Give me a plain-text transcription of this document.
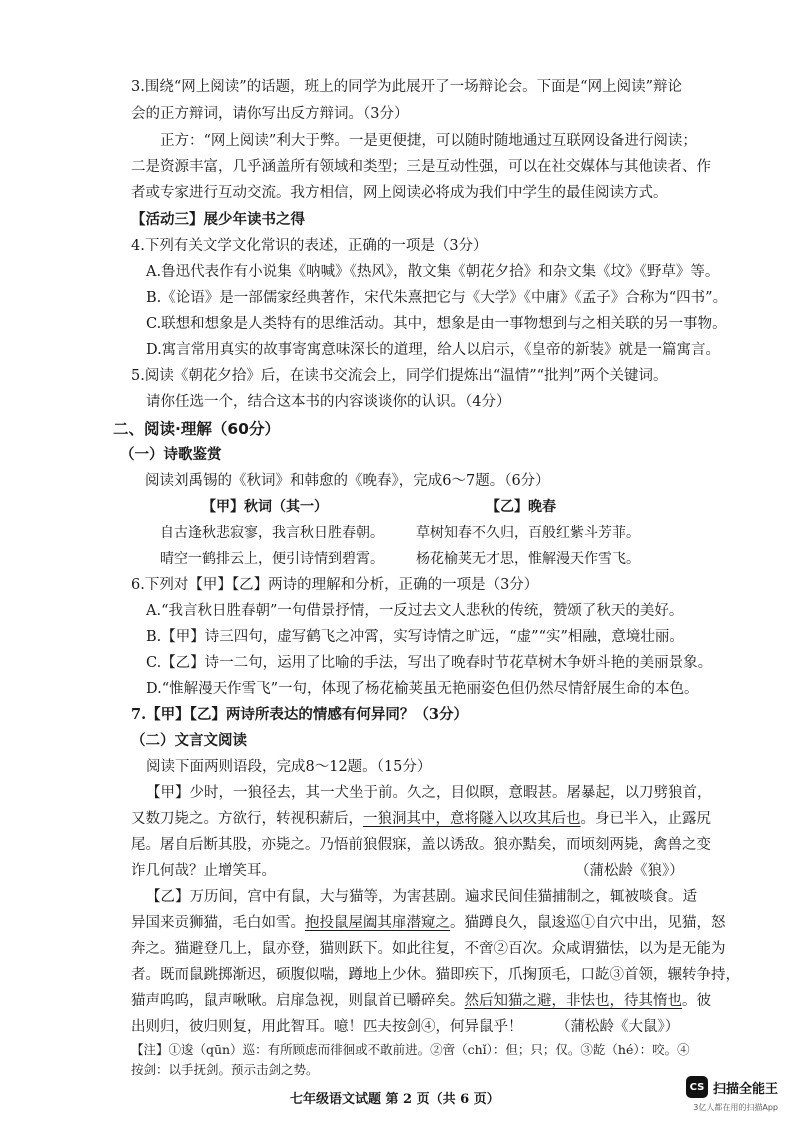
3.围绕“网上阅读”的话题，班上的同学为此展开了一场辩论会。下面是“网上阅读”辩论
会的正方辩词，请你写出反方辩词。（3分）
正方：“网上阅读”利大于弊。一是更便捷，可以随时随地通过互联网设备进行阅读；
二是资源丰富，几乎涵盖所有领域和类型；三是互动性强，可以在社交媒体与其他读者、作
者或专家进行互动交流。我方相信，网上阅读必将成为我们中学生的最佳阅读方式。
【活动三】展少年读书之得
4.下列有关文学文化常识的表述，正确的一项是（3分）
A.鲁迅代表作有小说集《呐喊》《热风》，散文集《朝花夕拾》和杂文集《坟》《野草》等。
B.《论语》是一部儒家经典著作，宋代朱熹把它与《大学》《中庸》《孟子》合称为“四书”。
C.联想和想象是人类特有的思维活动。其中，想象是由一事物想到与之相关联的另一事物。
D.寓言常用真实的故事寄寓意味深长的道理，给人以启示，《皇帝的新装》就是一篇寓言。
5.阅读《朝花夕拾》后，在读书交流会上，同学们提炼出“温情”“批判”两个关键词。
请你任选一个，结合这本书的内容谈谈你的认识。（4分）
二、阅读·理解（60分）
（一）诗歌鉴赏
阅读刘禹锡的《秋词》和韩愈的《晚春》，完成6～7题。（6分）
【甲】秋词（其一）	【乙】晚春
自古逢秋悲寂寥，我言秋日胜春朝。 草树知春不久归，百般红紫斗芳菲。
晴空一鹤排云上，便引诗情到碧霄。 杨花榆荚无才思，惟解漫天作雪飞。
6.下列对【甲】【乙】两诗的理解和分析，正确的一项是（3分）
A.“我言秋日胜春朝”一句借景抒情，一反过去文人悲秋的传统，赞颂了秋天的美好。
B.【甲】诗三四句，虚写鹤飞之冲霄，实写诗情之旷远，“虚”“实”相融，意境壮丽。
C.【乙】诗一二句，运用了比喻的手法，写出了晚春时节花草树木争妍斗艳的美丽景象。
D.“惟解漫天作雪飞”一句，体现了杨花榆荚虽无艳丽姿色但仍然尽情舒展生命的本色。
7.【甲】【乙】两诗所表达的情感有何异同？（3分）
（二）文言文阅读
阅读下面两则语段，完成8～12题。（15分）
【甲】少时，一狼径去，其一犬坐于前。久之，目似瞑，意暇甚。屠暴起，以刀劈狼首，
又数刀毙之。方欲行，转视积薪后，一狼洞其中，意将隧入以攻其后也。身已半入，止露尻
尾。屠自后断其股，亦毙之。乃悟前狼假寐，盖以诱敌。狼亦黠矣，而顷刻两毙，禽兽之变
诈几何哉？止增笑耳。	（蒲松龄《狼》）
【乙】万历间，宫中有鼠，大与猫等，为害甚剧。遍求民间佳猫捕制之，辄被啖食。适
异国来贡狮猫，毛白如雪。抱投鼠屋阖其扉潜窥之。猫蹲良久，鼠逡巡①自穴中出，见猫，怒
奔之。猫避登几上，鼠亦登，猫则跃下。如此往复，不啻②百次。众咸谓猫怯，以为是无能为
者。既而鼠跳掷渐迟，硕腹似喘，蹲地上少休。猫即疾下，爪掬顶毛，口龁③首领，辗转争持，
猫声呜呜，鼠声啾啾。启扉急视，则鼠首已嚼碎矣。然后知猫之避，非怯也，待其惰也。彼
出则归，彼归则复，用此智耳。噫！匹夫按剑④，何异鼠乎！ （蒲松龄《大鼠》）
【注】①逡（qūn）巡：有所顾虑而徘徊或不敢前进。②啻（chǐ）：但；只；仅。③龁（hé）：咬。④
按剑：以手抚剑。预示击剑之势。
七年级语文试题 第 2 页（共 6 页）
CS 扫描全能王
3亿人都在用的扫描App
